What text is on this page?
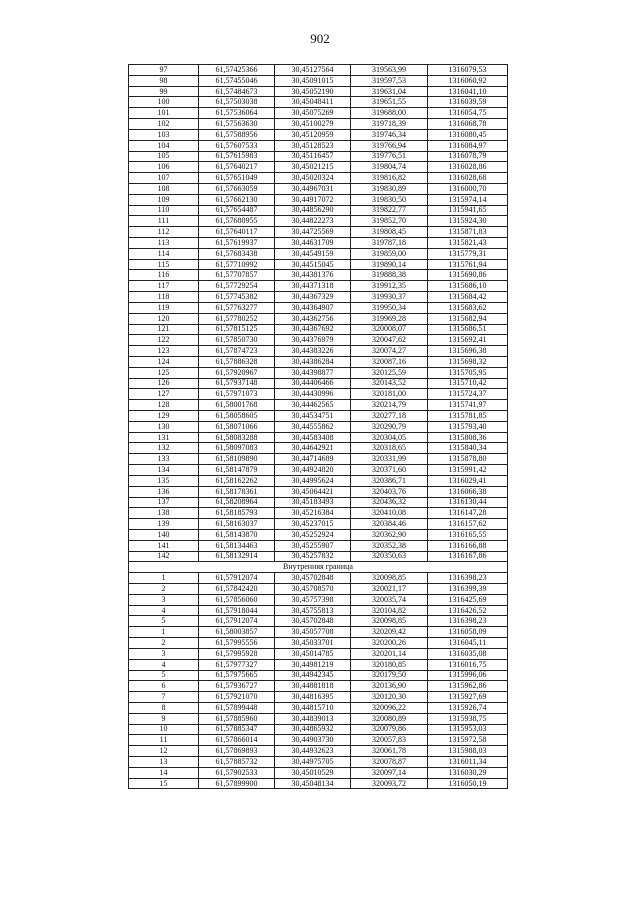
902
97	61,57425366	30,45127564	319563,99	1316079,53
98	61,57455046	30,45091015	319597,53	1316060,92
99	61,57484673	30,45052190	319631,04	1316041,10
100	61,57503038	30,45048411	319651,55	1316039,59
101	61,57536064	30,45075269	319688,00	1316054,75
102	61,57563630	30,45100279	319718,39	1316068,78
103	61,57588956	30,45120959	319746,34	1316080,45
104	61,57607533	30,45128523	319766,94	1316084,97
105	61,57615983	30,45116457	319776,51	1316078,79
106	61,57640217	30,45021215	319804,74	1316028,86
107	61,57651049	30,45020324	319816,82	1316028,68
108	61,57663059	30,44967031	319830,89	1316000,70
109	61,57662130	30,44917072	319830,50	1315974,14
110	61,57654487	30,44856290	319822,77	1315941,65
111	61,57680955	30,44822273	319852,70	1315924,30
112	61,57640117	30,44725569	319808,45	1315871,83
113	61,57619937	30,44631709	319787,18	1315821,43
114	61,57683438	30,44549159	319859,00	1315779,31
115	61,57710992	30,44515045	319890,14	1315761,94
116	61,57707857	30,44381376	319888,38	1315690,86
117	61,57729254	30,44371318	319912,35	1315686,10
118	61,57745382	30,44367329	319930,37	1315684,42
119	61,57763277	30,44364907	319950,34	1315683,62
120	61,57780252	30,44362756	319969,28	1315682,94
121	61,57815125	30,44367692	320008,07	1315686,51
122	61,57850730	30,44376979	320047,62	1315692,41
123	61,57874723	30,44383226	320074,27	1315696,38
124	61,57886328	30,44386284	320087,16	1315698,32
125	61,57920967	30,44398877	320125,59	1315705,95
126	61,57937148	30,44406466	320143,52	1315710,42
127	61,57971073	30,44430996	320181,00	1315724,37
128	61,58001768	30,44462565	320214,79	1315741,97
129	61,58058605	30,44534751	320277,18	1315781,85
130	61,58071066	30,44555862	320290,79	1315793,40
131	61,58083288	30,44583408	320304,05	1315808,36
132	61,58097083	30,44642921	320318,65	1315840,34
133	61,58109890	30,44714689	320331,99	1315878,80
134	61,58147879	30,44924820	320371,60	1315991,42
135	61,58162262	30,44995624	320386,71	1316029,41
136	61,58178361	30,45064421	320403,76	1316066,38
137	61,58208964	30,45183493	320436,32	1316130,44
138	61,58185793	30,45216384	320410,08	1316147,28
139	61,58163037	30,45237015	320384,46	1316157,62
140	61,58143870	30,45252924	320362,90	1316165,55
141	61,58134463	30,45255907	320352,38	1316166,88
142	61,58132914	30,45257832	320350,63	1316167,86
Внутренняя граница				
1	61,57912074	30,45702848	320098,85	1316398,23
2	61,57842420	30,45708570	320021,17	1316399,39
3	61,57856060	30,45757398	320035,74	1316425,69
4	61,57918044	30,45755813	320104,82	1316426,52
5	61,57912074	30,45702848	320098,85	1316398,23
1	61,58003857	30,45057708	320209,42	1316058,09
2	61,57995556	30,45033701	320200,26	1316045,11
3	61,57995928	30,45014785	320201,14	1316035,08
4	61,57977327	30,44981219	320180,85	1316016,75
5	61,57975665	30,44942345	320179,50	1315996,06
6	61,57936727	30,44881818	320136,90	1315962,86
7	61,57921070	30,44816395	320120,30	1315927,69
8	61,57899448	30,44815710	320096,22	1315926,74
9	61,57885960	30,44839013	320080,89	1315938,75
10	61,57885347	30,44865932	320079,86	1315953,03
11	61,57866014	30,44903730	320057,83	1315972,58
12	61,57869893	30,44932623	320061,78	1315988,03
13	61,57885732	30,44975705	320078,87	1316011,34
14	61,57902533	30,45010529	320097,14	1316030,29
15	61,57899900	30,45048134	320093,72	1316050,19
